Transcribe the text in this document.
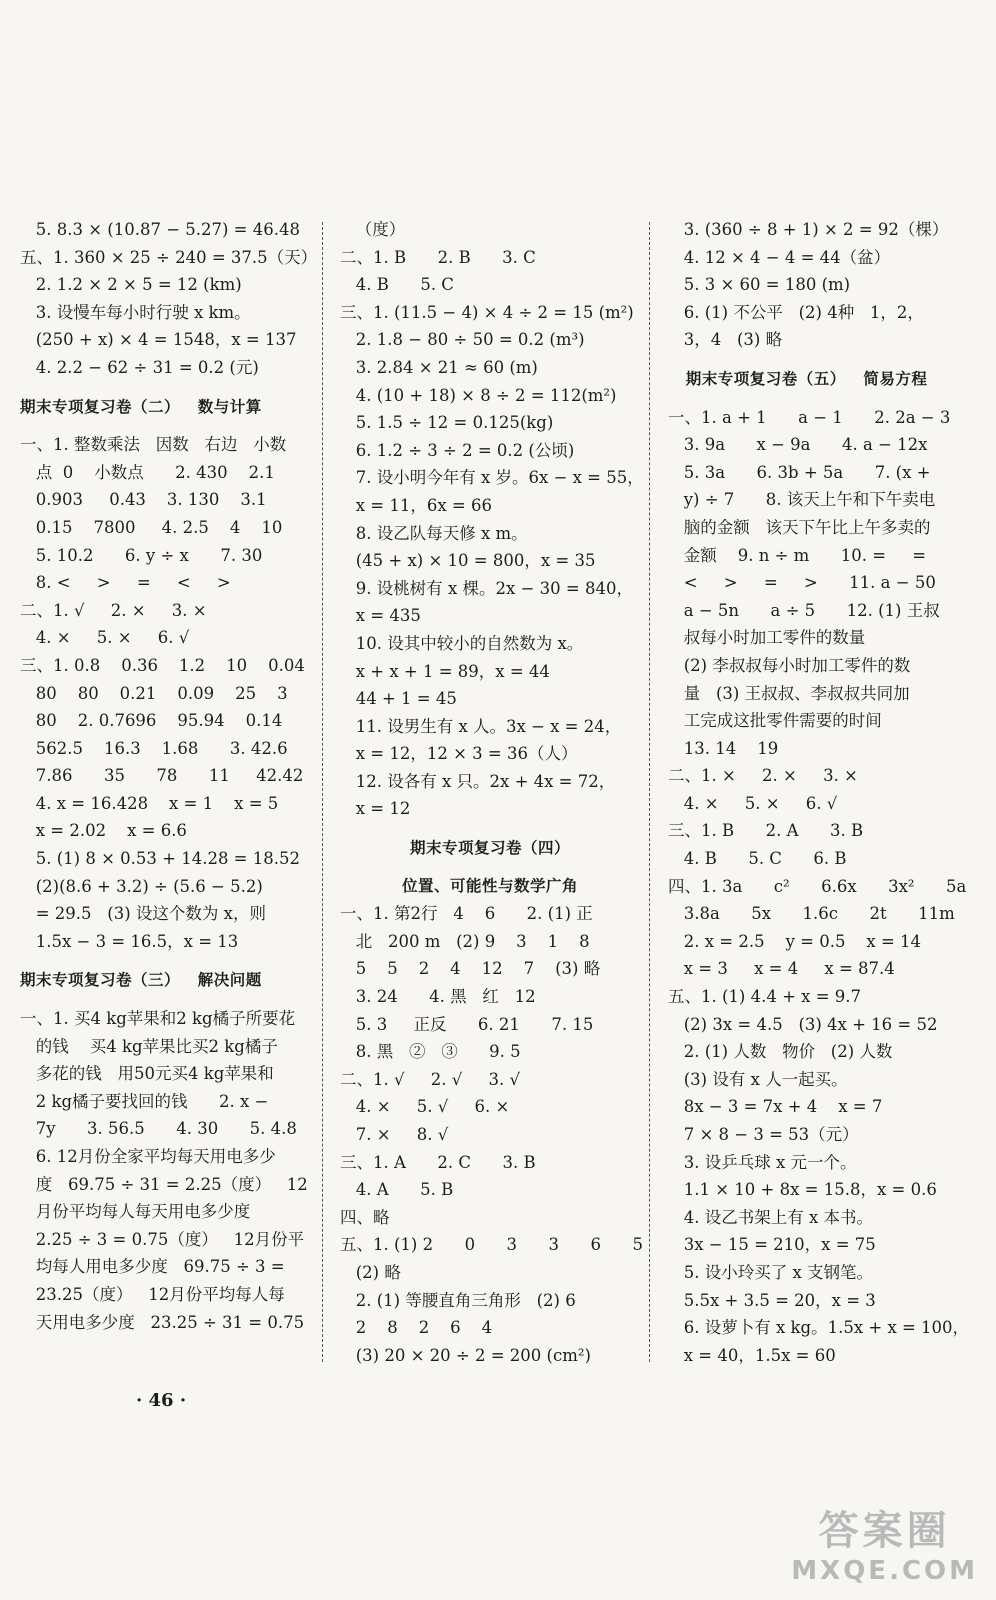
5. 8.3 × (10.87 − 5.27) = 46.48
五、1. 360 × 25 ÷ 240 = 37.5（天）
2. 1.2 × 2 × 5 = 12 (km)
3. 设慢车每小时行驶 x km。
(250 + x) × 4 = 1548，x = 137
4. 2.2 − 62 ÷ 31 = 0.2 (元)
期末专项复习卷（二）   数与计算
一、1. 整数乘法   因数   右边   小数
点  0    小数点      2. 430    2.1
0.903     0.43    3. 130    3.1
0.15    7800     4. 2.5    4    10
5. 10.2      6. y ÷ x      7. 30
8. <     >     =     <     >
二、1. √     2. ×     3. ×
4. ×     5. ×     6. √
三、1. 0.8    0.36    1.2    10    0.04
80    80    0.21    0.09    25    3
80    2. 0.7696    95.94    0.14
562.5    16.3    1.68      3. 42.6
7.86      35      78      11     42.42
4. x = 16.428    x = 1    x = 5
x = 2.02    x = 6.6
5. (1) 8 × 0.53 + 14.28 = 18.52
(2)(8.6 + 3.2) ÷ (5.6 − 5.2)
= 29.5   (3) 设这个数为 x，则
1.5x − 3 = 16.5，x = 13
期末专项复习卷（三）   解决问题
一、1. 买4 kg苹果和2 kg橘子所要花
的钱    买4 kg苹果比买2 kg橘子
多花的钱   用50元买4 kg苹果和
2 kg橘子要找回的钱      2. x −
7y      3. 56.5      4. 30      5. 4.8
6. 12月份全家平均每天用电多少
度   69.75 ÷ 31 = 2.25（度）   12
月份平均每人每天用电多少度
2.25 ÷ 3 = 0.75（度）   12月份平
均每人用电多少度   69.75 ÷ 3 =
23.25（度）   12月份平均每人每
天用电多少度   23.25 ÷ 31 = 0.75
（度）
二、1. B      2. B      3. C
4. B      5. C
三、1. (11.5 − 4) × 4 ÷ 2 = 15 (m²)
2. 1.8 − 80 ÷ 50 = 0.2 (m³)
3. 2.84 × 21 ≈ 60 (m)
4. (10 + 18) × 8 ÷ 2 = 112(m²)
5. 1.5 ÷ 12 = 0.125(kg)
6. 1.2 ÷ 3 ÷ 2 = 0.2 (公顷)
7. 设小明今年有 x 岁。6x − x = 55，
x = 11，6x = 66
8. 设乙队每天修 x m。
(45 + x) × 10 = 800，x = 35
9. 设桃树有 x 棵。2x − 30 = 840，
x = 435
10. 设其中较小的自然数为 x。
x + x + 1 = 89，x = 44
44 + 1 = 45
11. 设男生有 x 人。3x − x = 24，
x = 12，12 × 3 = 36（人）
12. 设各有 x 只。2x + 4x = 72，
x = 12
期末专项复习卷（四）
位置、可能性与数学广角
一、1. 第2行   4    6      2. (1) 正
北   200 m   (2) 9    3    1    8
5    5    2    4    12    7    (3) 略
3. 24      4. 黑   红   12
5. 3     正反      6. 21      7. 15
8. 黑   ②   ③      9. 5
二、1. √     2. √     3. √
4. ×     5. √     6. ×
7. ×     8. √
三、1. A      2. C      3. B
4. A      5. B
四、略
五、1. (1) 2      0      3      3      6      5
(2) 略
2. (1) 等腰直角三角形   (2) 6
2    8    2    6    4
(3) 20 × 20 ÷ 2 = 200 (cm²)
3. (360 ÷ 8 + 1) × 2 = 92（棵）
4. 12 × 4 − 4 = 44（盆）
5. 3 × 60 = 180 (m)
6. (1) 不公平   (2) 4种   1，2，
3，4   (3) 略
期末专项复习卷（五）   简易方程
一、1. a + 1      a − 1      2. 2a − 3
3. 9a      x − 9a      4. a − 12x
5. 3a      6. 3b + 5a      7. (x +
y) ÷ 7      8. 该天上午和下午卖电
脑的金额   该天下午比上午多卖的
金额    9. n ÷ m      10. =     =
<     >     =     >      11. a − 50
a − 5n      a ÷ 5      12. (1) 王叔
叔每小时加工零件的数量
(2) 李叔叔每小时加工零件的数
量   (3) 王叔叔、李叔叔共同加
工完成这批零件需要的时间
13. 14    19
二、1. ×     2. ×     3. ×
4. ×     5. ×     6. √
三、1. B      2. A      3. B
4. B      5. C      6. B
四、1. 3a      c²      6.6x      3x²      5a
3.8a      5x      1.6c      2t      11m
2. x = 2.5    y = 0.5    x = 14
x = 3     x = 4     x = 87.4
五、1. (1) 4.4 + x = 9.7
(2) 3x = 4.5   (3) 4x + 16 = 52
2. (1) 人数   物价   (2) 人数
(3) 设有 x 人一起买。
8x − 3 = 7x + 4    x = 7
7 × 8 − 3 = 53（元）
3. 设乒乓球 x 元一个。
1.1 × 10 + 8x = 15.8，x = 0.6
4. 设乙书架上有 x 本书。
3x − 15 = 210，x = 75
5. 设小玲买了 x 支钢笔。
5.5x + 3.5 = 20，x = 3
6. 设萝卜有 x kg。1.5x + x = 100，
x = 40，1.5x = 60
· 46 ·
答案圈
MXQE.COM
